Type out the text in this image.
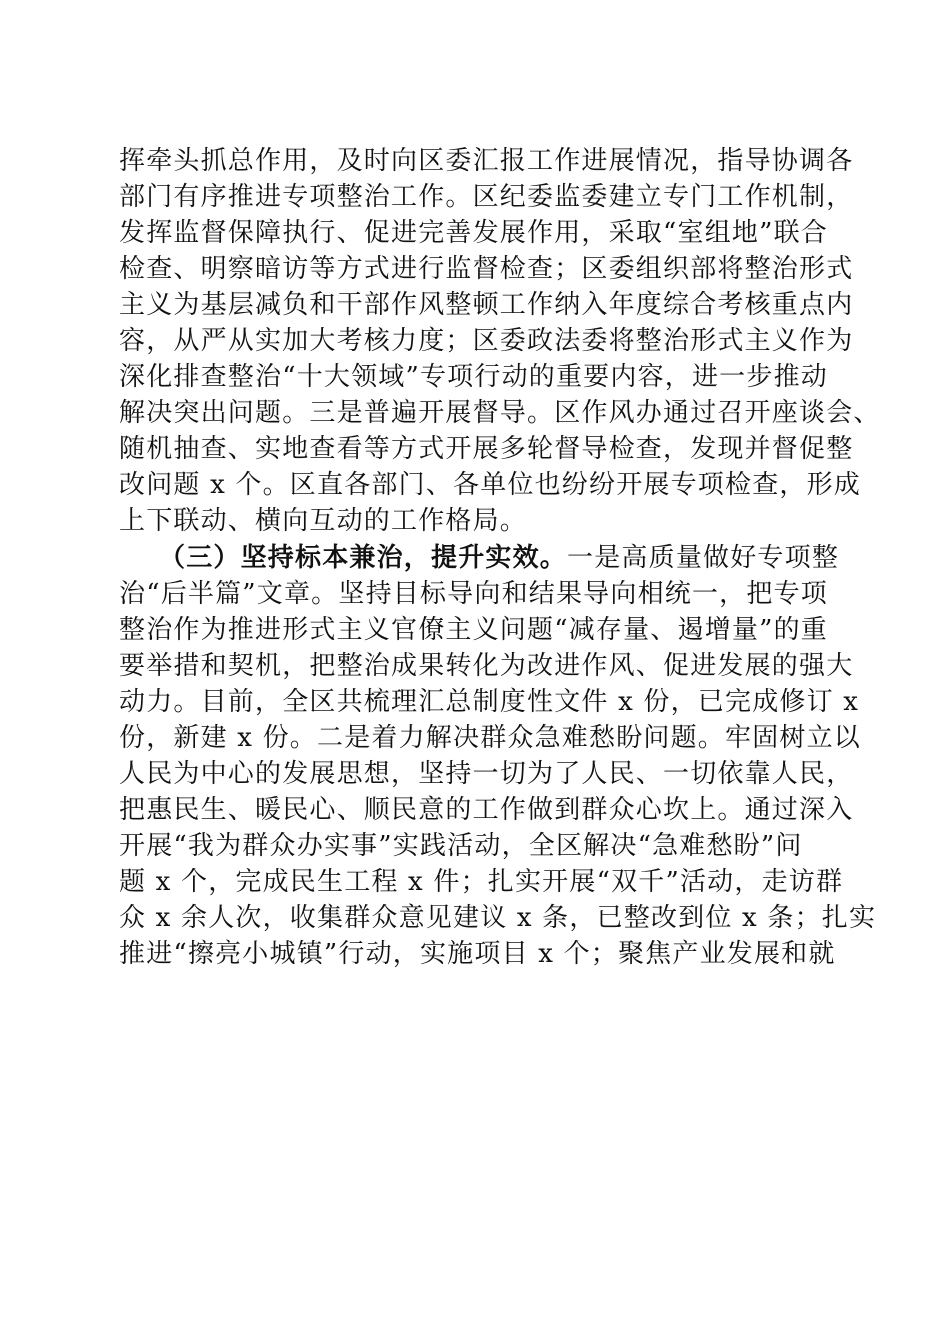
挥牵头抓总作用，及时向区委汇报工作进展情况，指导协调各
部门有序推进专项整治工作。区纪委监委建立专门工作机制，
发挥监督保障执行、促进完善发展作用，采取“室组地”联合
检查、明察暗访等方式进行监督检查；区委组织部将整治形式
主义为基层减负和干部作风整顿工作纳入年度综合考核重点内
容，从严从实加大考核力度；区委政法委将整治形式主义作为
深化排查整治“十大领域”专项行动的重要内容，进一步推动
解决突出问题。三是普遍开展督导。区作风办通过召开座谈会、
随机抽查、实地查看等方式开展多轮督导检查，发现并督促整
改问题 x 个。区直各部门、各单位也纷纷开展专项检查，形成
上下联动、横向互动的工作格局。
（三）坚持标本兼治，提升实效。一是高质量做好专项整
治“后半篇”文章。坚持目标导向和结果导向相统一，把专项
整治作为推进形式主义官僚主义问题“减存量、遏增量”的重
要举措和契机，把整治成果转化为改进作风、促进发展的强大
动力。目前，全区共梳理汇总制度性文件 x 份，已完成修订 x
份，新建 x 份。二是着力解决群众急难愁盼问题。牢固树立以
人民为中心的发展思想，坚持一切为了人民、一切依靠人民，
把惠民生、暖民心、顺民意的工作做到群众心坎上。通过深入
开展“我为群众办实事”实践活动，全区解决“急难愁盼”问
题 x 个，完成民生工程 x 件；扎实开展“双千”活动，走访群
众 x 余人次，收集群众意见建议 x 条，已整改到位 x 条；扎实
推进“擦亮小城镇”行动，实施项目 x 个；聚焦产业发展和就
